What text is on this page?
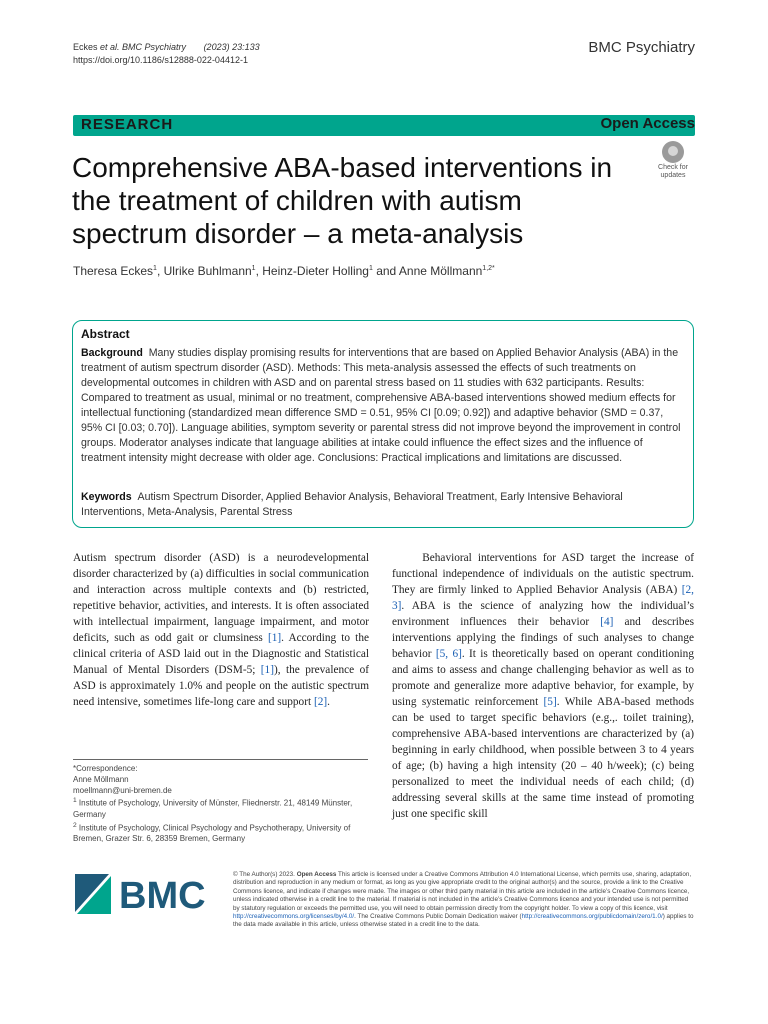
Eckes et al. BMC Psychiatry (2023) 23:133
https://doi.org/10.1186/s12888-022-04412-1
BMC Psychiatry
RESEARCH	Open Access
Check for updates
Comprehensive ABA-based interventions in the treatment of children with autism spectrum disorder – a meta-analysis
Theresa Eckes$^1$, Ulrike Buhlmann$^1$, Heinz-Dieter Holling$^1$ and Anne Möllmann$^{1,2*}$
Abstract
Background Many studies display promising results for interventions that are based on Applied Behavior Analysis (ABA) in the treatment of autism spectrum disorder (ASD). Methods: This meta-analysis assessed the effects of such treatments on developmental outcomes in children with ASD and on parental stress based on 11 studies with 632 participants. Results: Compared to treatment as usual, minimal or no treatment, comprehensive ABA-based interventions showed medium effects for intellectual functioning (standardized mean difference SMD = 0.51, 95% CI [0.09; 0.92]) and adaptive behavior (SMD = 0.37, 95% CI [0.03; 0.70]). Language abilities, symptom severity or parental stress did not improve beyond the improvement in control groups. Moderator analyses indicate that language abilities at intake could influence the effect sizes and the influence of treatment intensity might decrease with older age. Conclusions: Practical implications and limitations are discussed.
Keywords Autism Spectrum Disorder, Applied Behavior Analysis, Behavioral Treatment, Early Intensive Behavioral Interventions, Meta-Analysis, Parental Stress
Autism spectrum disorder (ASD) is a neurodevelopmental disorder characterized by (a) difficulties in social communication and interaction across multiple contexts and (b) restricted, repetitive behavior, activities, and interests. It is often associated with intellectual impairment, language impairment, and motor deficits, such as odd gait or clumsiness [1]. According to the clinical criteria of ASD laid out in the Diagnostic and Statistical Manual of Mental Disorders (DSM-5; [1]), the prevalence of ASD is approximately 1.0% and people on the autistic spectrum need intensive, sometimes life-long care and support [2].
Behavioral interventions for ASD target the increase of functional independence of individuals on the autistic spectrum. They are firmly linked to Applied Behavior Analysis (ABA) [2, 3]. ABA is the science of analyzing how the individual’s environment influences their behavior [4] and describes interventions applying the findings of such analyses to change behavior [5, 6]. It is theoretically based on operant conditioning and aims to assess and change challenging behavior as well as to promote and generalize more adaptive behavior, for example, by using systematic reinforcement [5]. While ABA-based methods can be used to target specific behaviors (e.g.,. toilet training), comprehensive ABA-based interventions are characterized by (a) beginning in early childhood, when possible between 3 to 4 years of age; (b) having a high intensity (20 – 40 h/week); (c) being personalized to meet the individual needs of each child; (d) addressing several skills at the same time instead of promoting just one specific skill
*Correspondence:
Anne Möllmann
moellmann@uni-bremen.de
$^1$ Institute of Psychology, University of Münster, Fliednerstr. 21, 48149 Münster, Germany
$^2$ Institute of Psychology, Clinical Psychology and Psychotherapy, University of Bremen, Grazer Str. 6, 28359 Bremen, Germany
BMC
© The Author(s) 2023. Open Access This article is licensed under a Creative Commons Attribution 4.0 International License, which permits use, sharing, adaptation, distribution and reproduction in any medium or format, as long as you give appropriate credit to the original author(s) and the source, provide a link to the Creative Commons licence, and indicate if changes were made. The images or other third party material in this article are included in the article’s Creative Commons licence, unless indicated otherwise in a credit line to the material. If material is not included in the article’s Creative Commons licence and your intended use is not permitted by statutory regulation or exceeds the permitted use, you will need to obtain permission directly from the copyright holder. To view a copy of this licence, visit http://creativecommons.org/licenses/by/4.0/. The Creative Commons Public Domain Dedication waiver (http://creativecommons.org/publicdomain/zero/1.0/) applies to the data made available in this article, unless otherwise stated in a credit line to the data.
